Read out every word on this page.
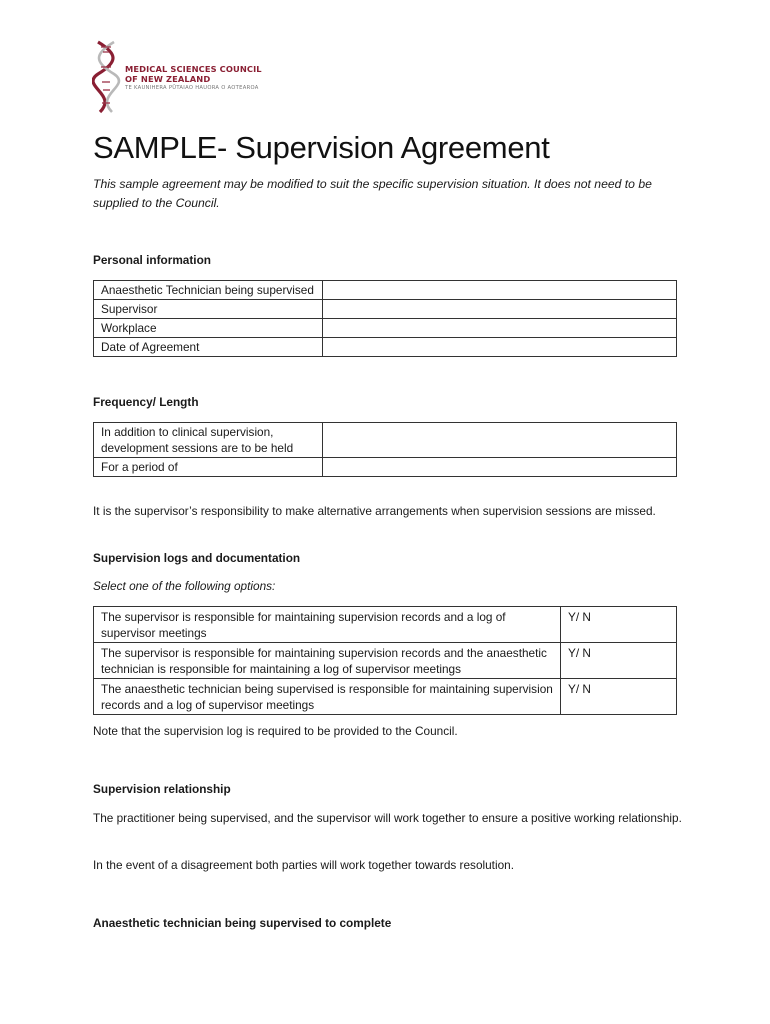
MEDICAL SCIENCES COUNCIL
OF NEW ZEALAND
TE KAUNIHERA PŪTAIAO HAUORA O AOTEAROA
SAMPLE- Supervision Agreement

This sample agreement may be modified to suit the specific supervision situation. It does not need to be supplied to the Council.

Personal information

Anaesthetic Technician being supervised	
Supervisor	
Workplace	
Date of Agreement	

Frequency/ Length

In addition to clinical supervision, development sessions are to be held	
For a period of	

It is the supervisor’s responsibility to make alternative arrangements when supervision sessions are missed.

Supervision logs and documentation

Select one of the following options:

The supervisor is responsible for maintaining supervision records and a log of supervisor meetings	Y/ N
The supervisor is responsible for maintaining supervision records and the anaesthetic technician is responsible for maintaining a log of supervisor meetings	Y/ N
The anaesthetic technician being supervised is responsible for maintaining supervision records and a log of supervisor meetings	Y/ N

Note that the supervision log is required to be provided to the Council.

Supervision relationship

The practitioner being supervised, and the supervisor will work together to ensure a positive working relationship.

In the event of a disagreement both parties will work together towards resolution.

Anaesthetic technician being supervised to complete
